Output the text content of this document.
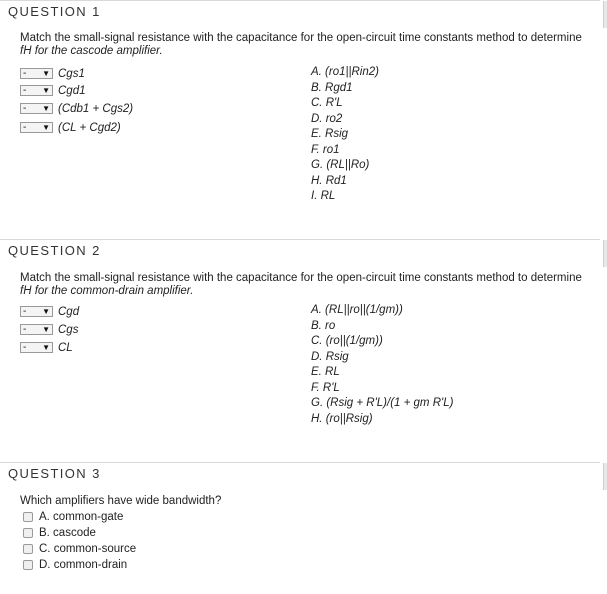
QUESTION 1
Match the small-signal resistance with the capacitance for the open-circuit time constants method to determine
fH for the cascode amplifier.
- ▼ Cgs1
- ▼ Cgd1
- ▼ (Cdb1 + Cgs2)
- ▼ (CL + Cgd2)
A. (ro1||Rin2)
B. Rgd1
C. R'L
D. ro2
E. Rsig
F. ro1
G. (RL||Ro)
H. Rd1
I. RL
QUESTION 2
Match the small-signal resistance with the capacitance for the open-circuit time constants method to determine
fH for the common-drain amplifier.
- ▼ Cgd
- ▼ Cgs
- ▼ CL
A. (RL||ro||(1/gm))
B. ro
C. (ro||(1/gm))
D. Rsig
E. RL
F. R'L
G. (Rsig + R'L)/(1 + gm R'L)
H. (ro||Rsig)
QUESTION 3
Which amplifiers have wide bandwidth?
A. common-gate
B. cascode
C. common-source
D. common-drain
